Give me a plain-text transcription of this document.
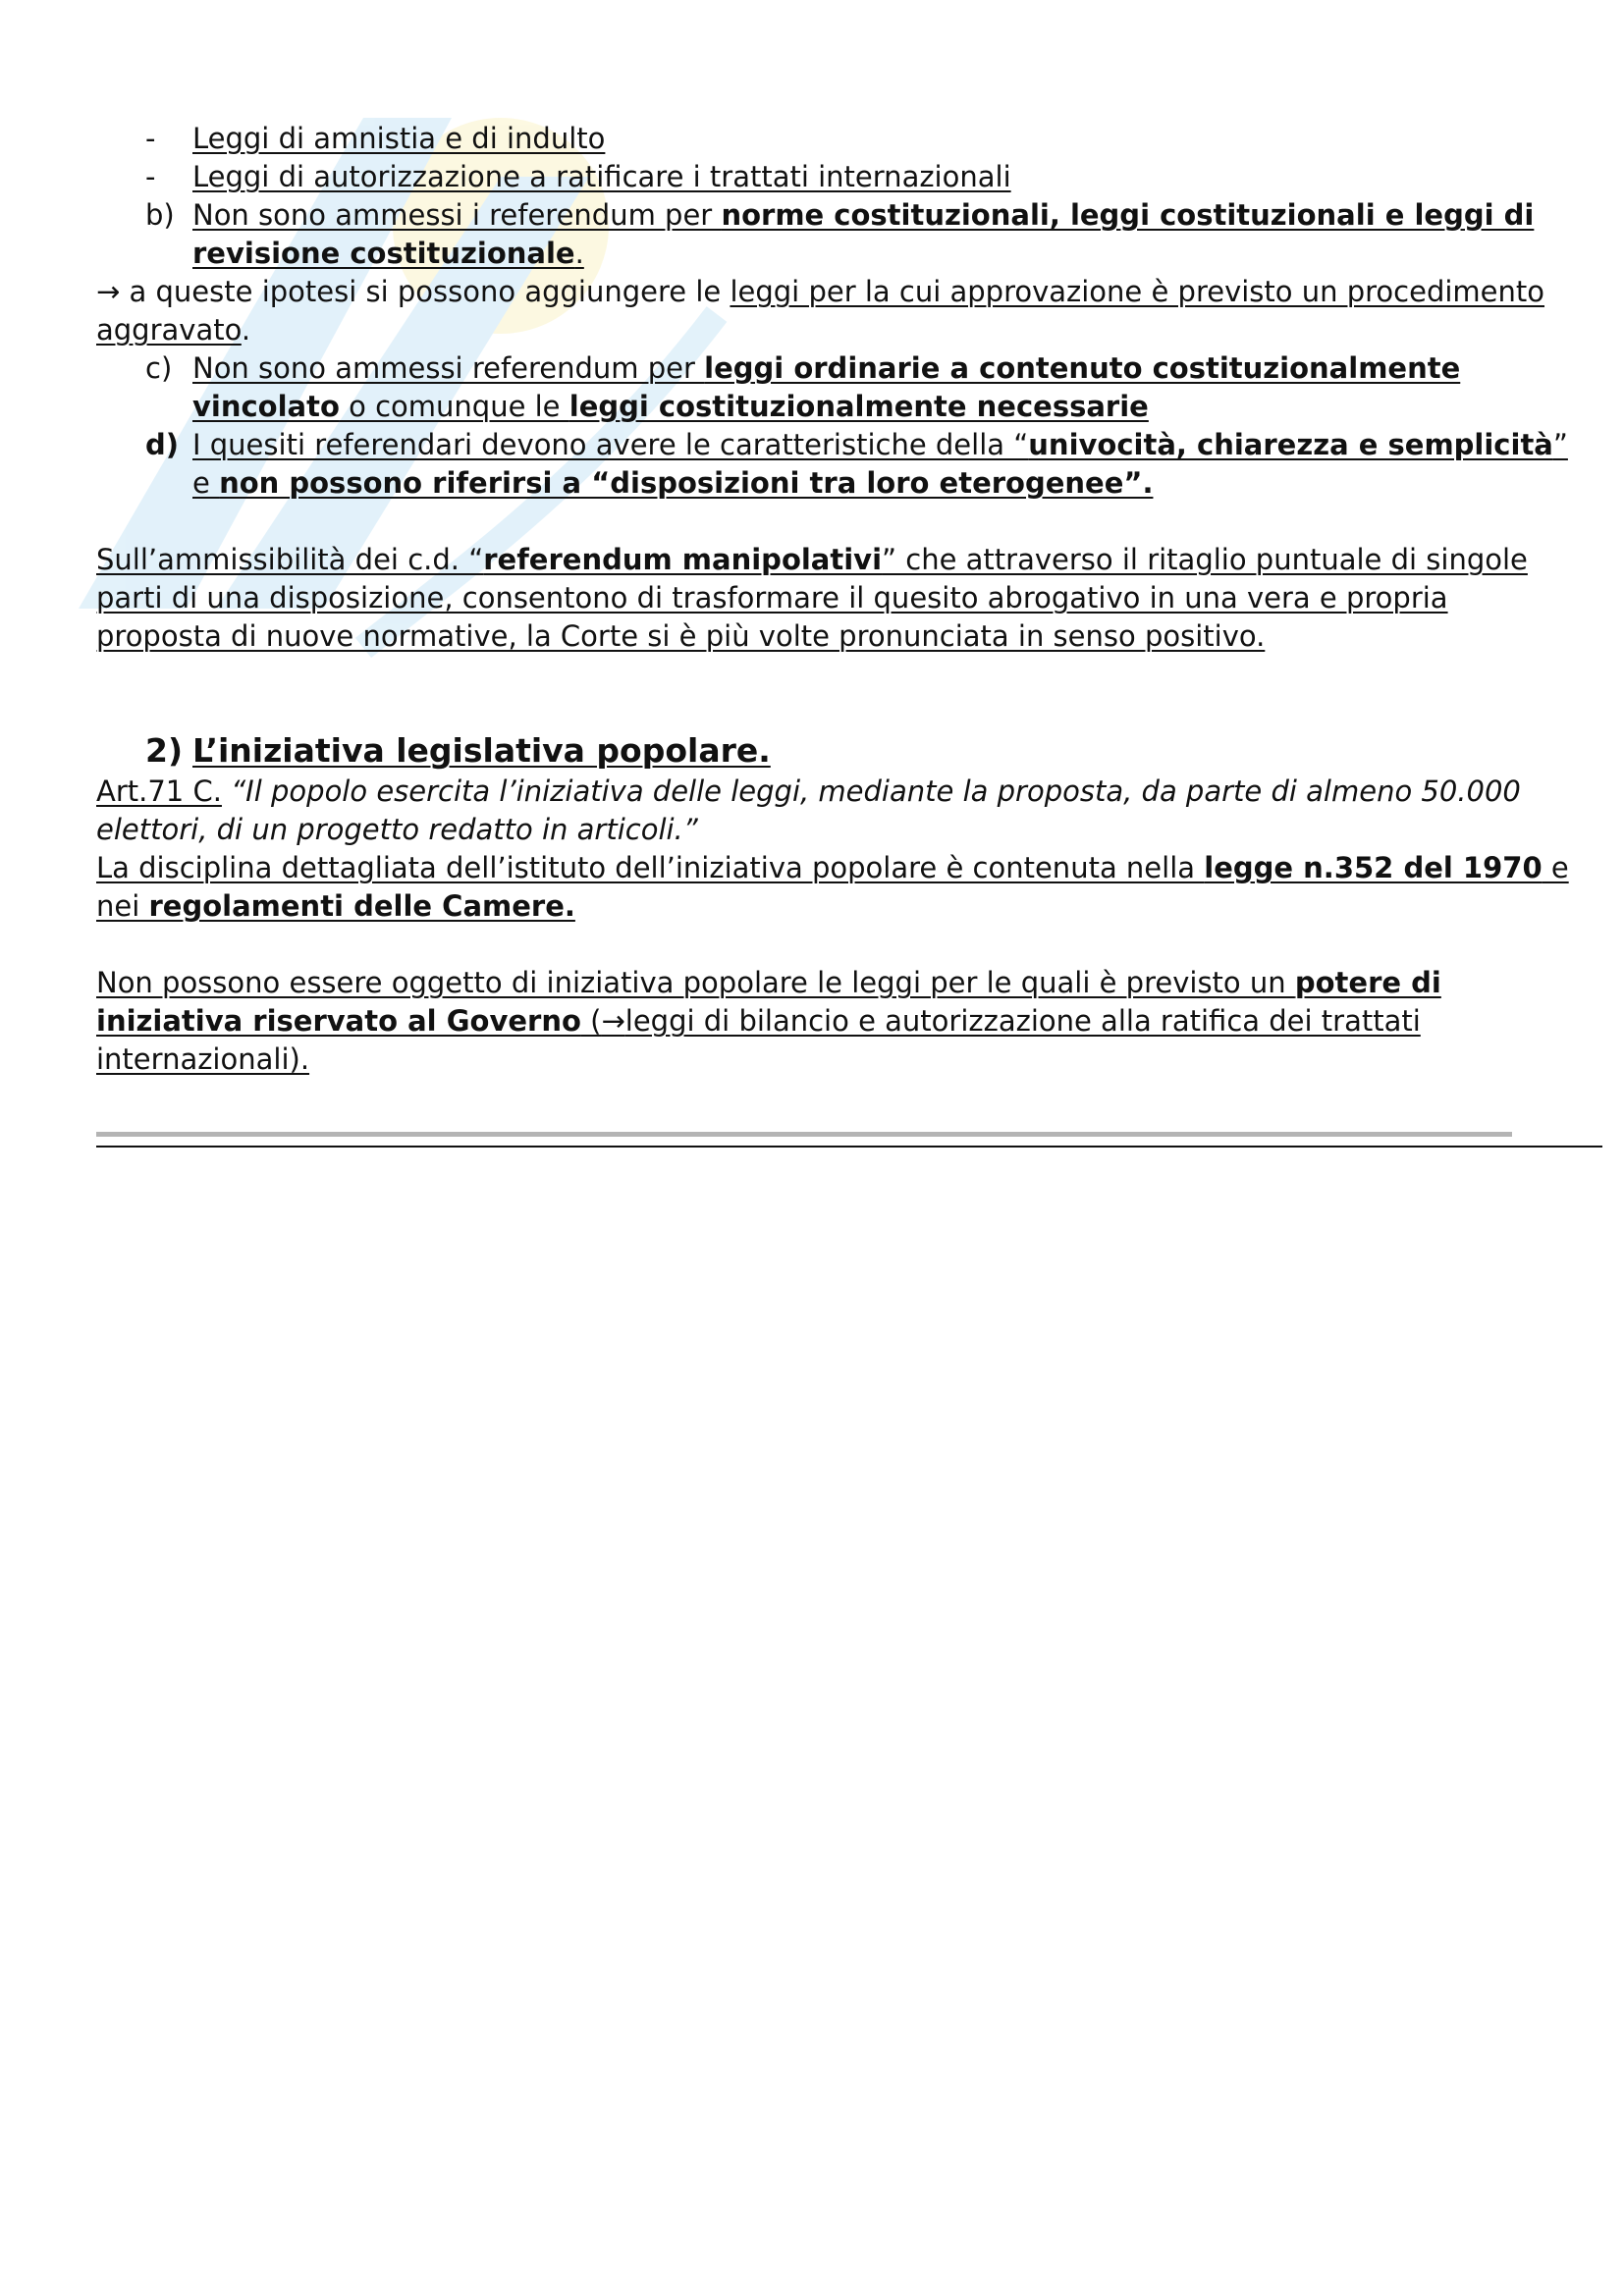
- Leggi di amnistia e di indulto
- Leggi di autorizzazione a ratificare i trattati internazionali
b) Non sono ammessi i referendum per norme costituzionali, leggi costituzionali e leggi di
revisione costituzionale.
→ a queste ipotesi si possono aggiungere le leggi per la cui approvazione è previsto un procedimento
aggravato.
c) Non sono ammessi referendum per leggi ordinarie a contenuto costituzionalmente
vincolato o comunque le leggi costituzionalmente necessarie
d) I quesiti referendari devono avere le caratteristiche della “univocità, chiarezza e semplicità”
e non possono riferirsi a “disposizioni tra loro eterogenee”.
Sull’ammissibilità dei c.d. “referendum manipolativi” che attraverso il ritaglio puntuale di singole
parti di una disposizione, consentono di trasformare il quesito abrogativo in una vera e propria
proposta di nuove normative, la Corte si è più volte pronunciata in senso positivo.
2) L’iniziativa legislativa popolare.
Art.71 C. “Il popolo esercita l’iniziativa delle leggi, mediante la proposta, da parte di almeno 50.000
elettori, di un progetto redatto in articoli.”
La disciplina dettagliata dell’istituto dell’iniziativa popolare è contenuta nella legge n.352 del 1970 e
nei regolamenti delle Camere.
Non possono essere oggetto di iniziativa popolare le leggi per le quali è previsto un potere di
iniziativa riservato al Governo (→leggi di bilancio e autorizzazione alla ratifica dei trattati
internazionali).
